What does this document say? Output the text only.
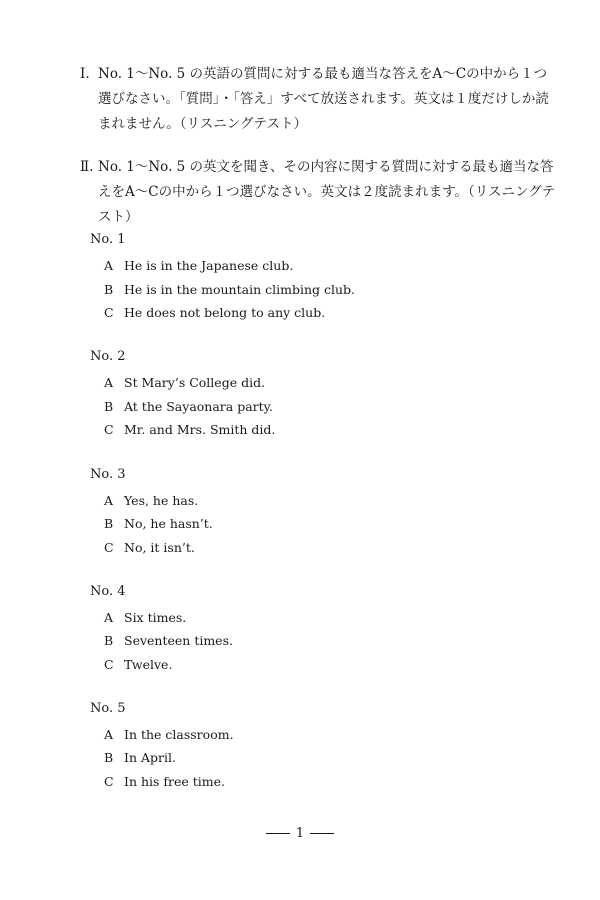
Ⅰ. No. 1～No. 5 の英語の質問に対する最も適当な答えをA～Cの中から１つ選びなさい。「質問」・「答え」すべて放送されます。英文は１度だけしか読まれません。（リスニングテスト）
Ⅱ. No. 1～No. 5 の英文を聞き、その内容に関する質問に対する最も適当な答えをA～Cの中から１つ選びなさい。英文は２度読まれます。（リスニングテスト）
No. 1
A He is in the Japanese club.
B He is in the mountain climbing club.
C He does not belong to any club.
No. 2
A St Mary’s College did.
B At the Sayaonara party.
C Mr. and Mrs. Smith did.
No. 3
A Yes, he has.
B No, he hasn’t.
C No, it isn’t.
No. 4
A Six times.
B Seventeen times.
C Twelve.
No. 5
A In the classroom.
B In April.
C In his free time.
1
